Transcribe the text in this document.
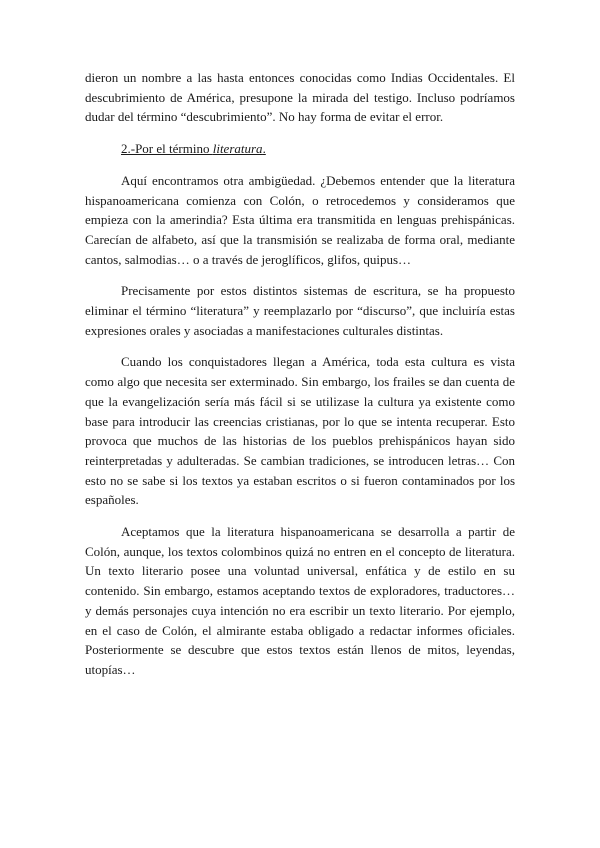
dieron un nombre a las hasta entonces conocidas como Indias Occidentales. El descubrimiento de América, presupone la mirada del testigo. Incluso podríamos dudar del término “descubrimiento”. No hay forma de evitar el error.

2.-Por el término literatura.

Aquí encontramos otra ambigüedad. ¿Debemos entender que la literatura hispanoamericana comienza con Colón, o retrocedemos y consideramos que empieza con la amerindia? Esta última era transmitida en lenguas prehispánicas. Carecían de alfabeto, así que la transmisión se realizaba de forma oral, mediante cantos, salmodias… o a través de jeroglíficos, glifos, quipus…

Precisamente por estos distintos sistemas de escritura, se ha propuesto eliminar el término “literatura” y reemplazarlo por “discurso”, que incluiría estas expresiones orales y asociadas a manifestaciones culturales distintas.

Cuando los conquistadores llegan a América, toda esta cultura es vista como algo que necesita ser exterminado. Sin embargo, los frailes se dan cuenta de que la evangelización sería más fácil si se utilizase la cultura ya existente como base para introducir las creencias cristianas, por lo que se intenta recuperar. Esto provoca que muchos de las historias de los pueblos prehispánicos hayan sido reinterpretadas y adulteradas. Se cambian tradiciones, se introducen letras… Con esto no se sabe si los textos ya estaban escritos o si fueron contaminados por los españoles.

Aceptamos que la literatura hispanoamericana se desarrolla a partir de Colón, aunque, los textos colombinos quizá no entren en el concepto de literatura. Un texto literario posee una voluntad universal, enfática y de estilo en su contenido. Sin embargo, estamos aceptando textos de exploradores, traductores… y demás personajes cuya intención no era escribir un texto literario. Por ejemplo, en el caso de Colón, el almirante estaba obligado a redactar informes oficiales. Posteriormente se descubre que estos textos están llenos de mitos, leyendas, utopías…
